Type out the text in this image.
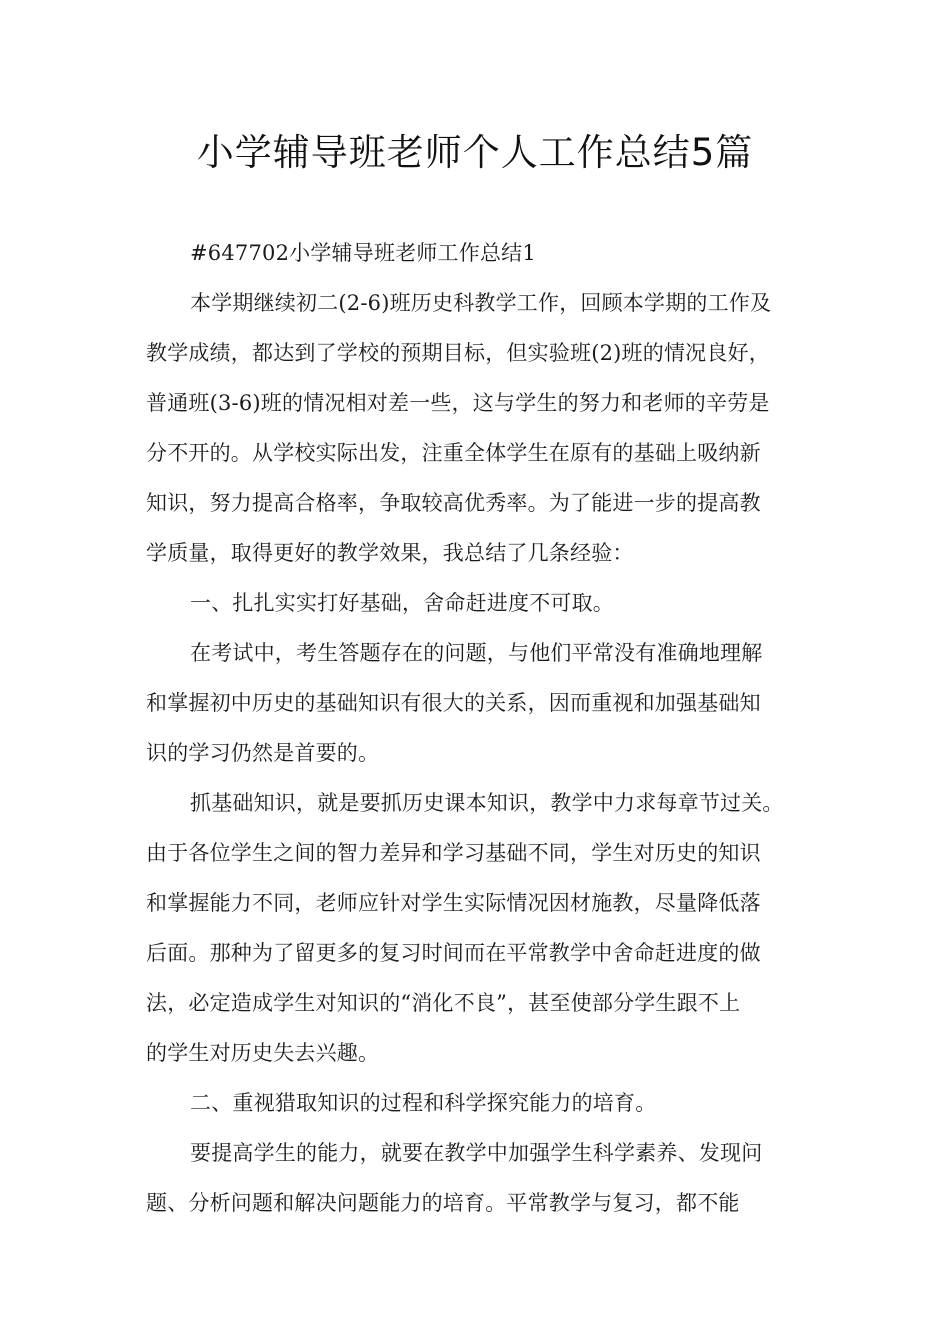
小学辅导班老师个人工作总结5篇
#647702小学辅导班老师工作总结1
本学期继续初二(2-6)班历史科教学工作，回顾本学期的工作及
教学成绩，都达到了学校的预期目标，但实验班(2)班的情况良好，
普通班(3-6)班的情况相对差一些，这与学生的努力和老师的辛劳是
分不开的。从学校实际出发，注重全体学生在原有的基础上吸纳新
知识，努力提高合格率，争取较高优秀率。为了能进一步的提高教
学质量，取得更好的教学效果，我总结了几条经验：
一、扎扎实实打好基础，舍命赶进度不可取。
在考试中，考生答题存在的问题，与他们平常没有准确地理解
和掌握初中历史的基础知识有很大的关系，因而重视和加强基础知
识的学习仍然是首要的。
抓基础知识，就是要抓历史课本知识，教学中力求每章节过关。
由于各位学生之间的智力差异和学习基础不同，学生对历史的知识
和掌握能力不同，老师应针对学生实际情况因材施教，尽量降低落
后面。那种为了留更多的复习时间而在平常教学中舍命赶进度的做
法，必定造成学生对知识的“消化不良”，甚至使部分学生跟不上
的学生对历史失去兴趣。
二、重视猎取知识的过程和科学探究能力的培育。
要提高学生的能力，就要在教学中加强学生科学素养、发现问
题、分析问题和解决问题能力的培育。平常教学与复习，都不能
